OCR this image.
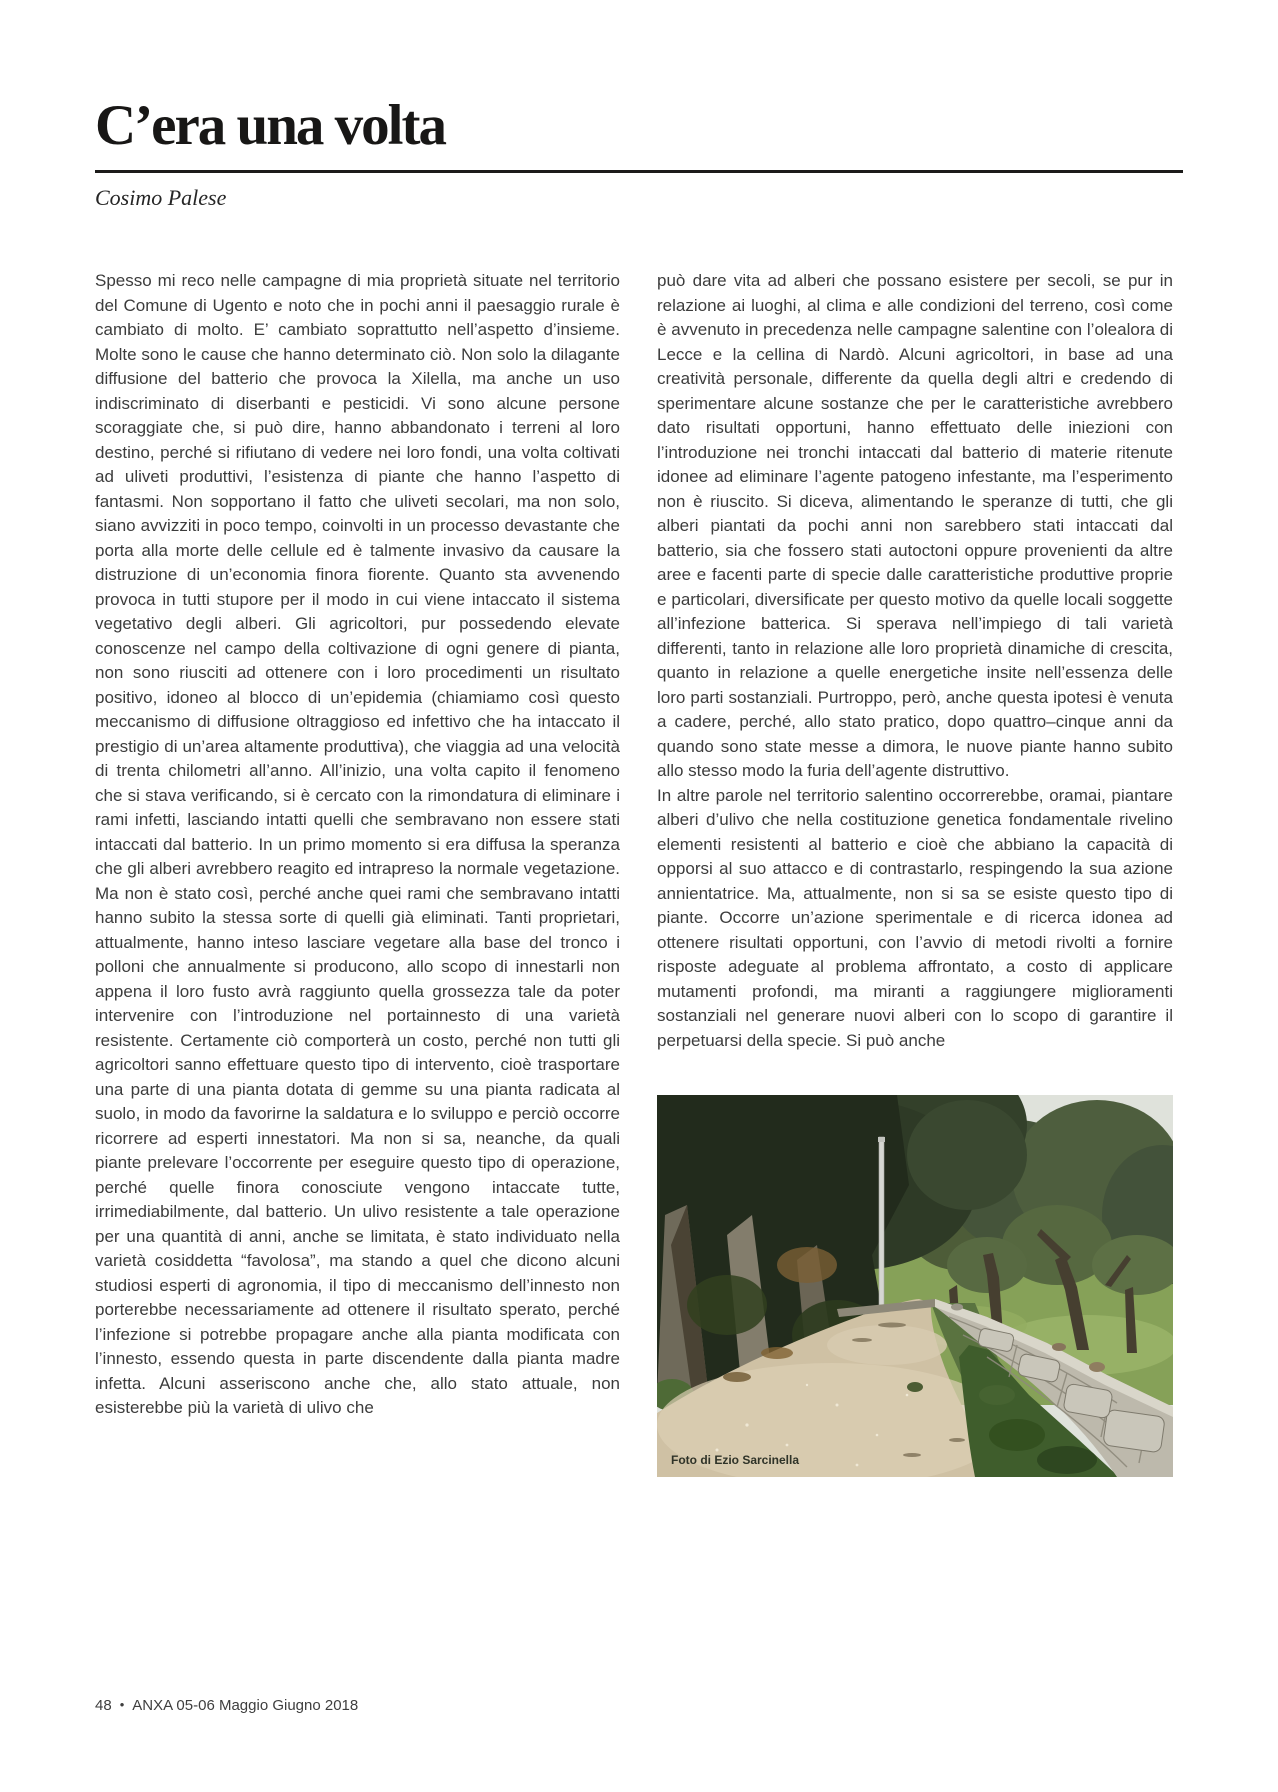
C’era una volta
Cosimo Palese

Spesso mi reco nelle campagne di mia proprietà situate nel territorio del Comune di Ugento e noto che in pochi anni il paesaggio rurale è cambiato di molto. E’ cambiato soprattutto nell’aspetto d’insieme. Molte sono le cause che hanno determinato ciò. Non solo la dilagante diffusione del batterio che provoca la Xilella, ma anche un uso indiscriminato di diserbanti e pesticidi. Vi sono alcune persone scoraggiate che, si può dire, hanno abbandonato i terreni al loro destino, perché si rifiutano di vedere nei loro fondi, una volta coltivati ad uliveti produttivi, l’esistenza di piante che hanno l’aspetto di fantasmi. Non sopportano il fatto che uliveti secolari, ma non solo, siano avvizziti in poco tempo, coinvolti in un processo devastante che porta alla morte delle cellule ed è talmente invasivo da causare la distruzione di un’economia finora fiorente. Quanto sta avvenendo provoca in tutti stupore per il modo in cui viene intaccato il sistema vegetativo degli alberi. Gli agricoltori, pur possedendo elevate conoscenze nel campo della coltivazione di ogni genere di pianta, non sono riusciti ad ottenere con i loro procedimenti un risultato positivo, idoneo al blocco di un’epidemia (chiamiamo così questo meccanismo di diffusione oltraggioso ed infettivo che ha intaccato il prestigio di un’area altamente produttiva), che viaggia ad una velocità di trenta chilometri all’anno. All’inizio, una volta capito il fenomeno che si stava verificando, si è cercato con la rimondatura di eliminare i rami infetti, lasciando intatti quelli che sembravano non essere stati intaccati dal batterio. In un primo momento si era diffusa la speranza che gli alberi avrebbero reagito ed intrapreso la normale vegetazione. Ma non è stato così, perché anche quei rami che sembravano intatti hanno subito la stessa sorte di quelli già eliminati. Tanti proprietari, attualmente, hanno inteso lasciare vegetare alla base del tronco i polloni che annualmente si producono, allo scopo di innestarli non appena il loro fusto avrà raggiunto quella grossezza tale da poter intervenire con l’introduzione nel portainnesto di una varietà resistente. Certamente ciò comporterà un costo, perché non tutti gli agricoltori sanno effettuare questo tipo di intervento, cioè trasportare una parte di una pianta dotata di gemme su una pianta radicata al suolo, in modo da favorirne la saldatura e lo sviluppo e perciò occorre ricorrere ad esperti innestatori. Ma non si sa, neanche, da quali piante prelevare l’occorrente per eseguire questo tipo di operazione, perché quelle finora conosciute vengono intaccate tutte, irrimediabilmente, dal batterio. Un ulivo resistente a tale operazione per una quantità di anni, anche se limitata, è stato individuato nella varietà cosiddetta “favolosa”, ma stando a quel che dicono alcuni studiosi esperti di agronomia, il tipo di meccanismo dell’innesto non porterebbe necessariamente ad ottenere il risultato sperato, perché l’infezione si potrebbe propagare anche alla pianta modificata con l’innesto, essendo questa in parte discendente dalla pianta madre infetta. Alcuni asseriscono anche che, allo stato attuale, non esisterebbe più la varietà di ulivo che

può dare vita ad alberi che possano esistere per secoli, se pur in relazione ai luoghi, al clima e alle condizioni del terreno, così come è avvenuto in precedenza nelle campagne salentine con l’olealora di Lecce e la cellina di Nardò. Alcuni agricoltori, in base ad una creatività personale, differente da quella degli altri e credendo di sperimentare alcune sostanze che per le caratteristiche avrebbero dato risultati opportuni, hanno effettuato delle iniezioni con l’introduzione nei tronchi intaccati dal batterio di materie ritenute idonee ad eliminare l’agente patogeno infestante, ma l’esperimento non è riuscito. Si diceva, alimentando le speranze di tutti, che gli alberi piantati da pochi anni non sarebbero stati intaccati dal batterio, sia che fossero stati autoctoni oppure provenienti da altre aree e facenti parte di specie dalle caratteristiche produttive proprie e particolari, diversificate per questo motivo da quelle locali soggette all’infezione batterica. Si sperava nell’impiego di tali varietà differenti, tanto in relazione alle loro proprietà dinamiche di crescita, quanto in relazione a quelle energetiche insite nell’essenza delle loro parti sostanziali. Purtroppo, però, anche questa ipotesi è venuta a cadere, perché, allo stato pratico, dopo quattro–cinque anni da quando sono state messe a dimora, le nuove piante hanno subito allo stesso modo la furia dell’agente distruttivo.

In altre parole nel territorio salentino occorrerebbe, oramai, piantare alberi d’ulivo che nella costituzione genetica fondamentale rivelino elementi resistenti al batterio e cioè che abbiano la capacità di opporsi al suo attacco e di contrastarlo, respingendo la sua azione annientatrice. Ma, attualmente, non si sa se esiste questo tipo di piante. Occorre un’azione sperimentale e di ricerca idonea ad ottenere risultati opportuni, con l’avvio di metodi rivolti a fornire risposte adeguate al problema affrontato, a costo di applicare mutamenti profondi, ma miranti a raggiungere miglioramenti sostanziali nel generare nuovi alberi con lo scopo di garantire il perpetuarsi della specie. Si può anche

Foto di Ezio Sarcinella
48 • ANXA 05-06 Maggio Giugno 2018
